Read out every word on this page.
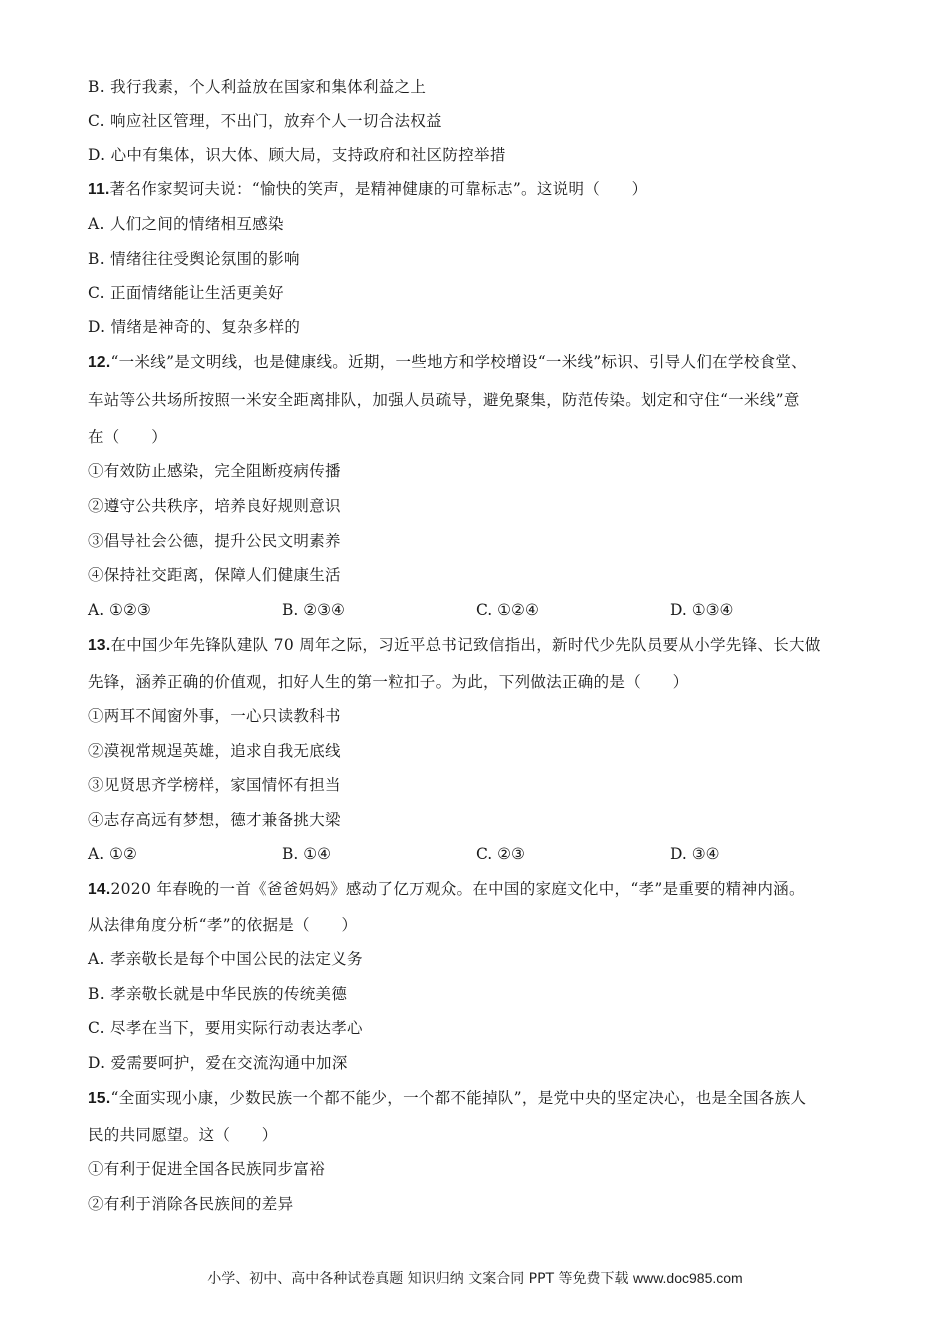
B. 我行我素，个人利益放在国家和集体利益之上
C. 响应社区管理，不出门，放弃个人一切合法权益
D. 心中有集体，识大体、顾大局，支持政府和社区防控举措
11.著名作家契诃夫说：“愉快的笑声，是精神健康的可靠标志”。这说明（　　）
A. 人们之间的情绪相互感染
B. 情绪往往受舆论氛围的影响
C. 正面情绪能让生活更美好
D. 情绪是神奇的、复杂多样的
12.“一米线”是文明线，也是健康线。近期，一些地方和学校增设“一米线”标识、引导人们在学校食堂、
车站等公共场所按照一米安全距离排队，加强人员疏导，避免聚集，防范传染。划定和守住“一米线”意
在（　　）
①有效防止感染，完全阻断疫病传播
②遵守公共秩序，培养良好规则意识
③倡导社会公德，提升公民文明素养
④保持社交距离，保障人们健康生活
A. ①②③	B. ②③④	C. ①②④	D. ①③④
13.在中国少年先锋队建队 70 周年之际，习近平总书记致信指出，新时代少先队员要从小学先锋、长大做
先锋，涵养正确的价值观，扣好人生的第一粒扣子。为此，下列做法正确的是（　　）
①两耳不闻窗外事，一心只读教科书
②漠视常规逞英雄，追求自我无底线
③见贤思齐学榜样，家国情怀有担当
④志存高远有梦想，德才兼备挑大梁
A. ①②	B. ①④	C. ②③	D. ③④
14.2020 年春晚的一首《爸爸妈妈》感动了亿万观众。在中国的家庭文化中，“孝”是重要的精神内涵。
从法律角度分析“孝”的依据是（　　）
A. 孝亲敬长是每个中国公民的法定义务
B. 孝亲敬长就是中华民族的传统美德
C. 尽孝在当下，要用实际行动表达孝心
D. 爱需要呵护，爱在交流沟通中加深
15.“全面实现小康，少数民族一个都不能少，一个都不能掉队”，是党中央的坚定决心，也是全国各族人
民的共同愿望。这（　　）
①有利于促进全国各民族同步富裕
②有利于消除各民族间的差异
小学、初中、高中各种试卷真题 知识归纳 文案合同 PPT 等免费下载 www.doc985.com
